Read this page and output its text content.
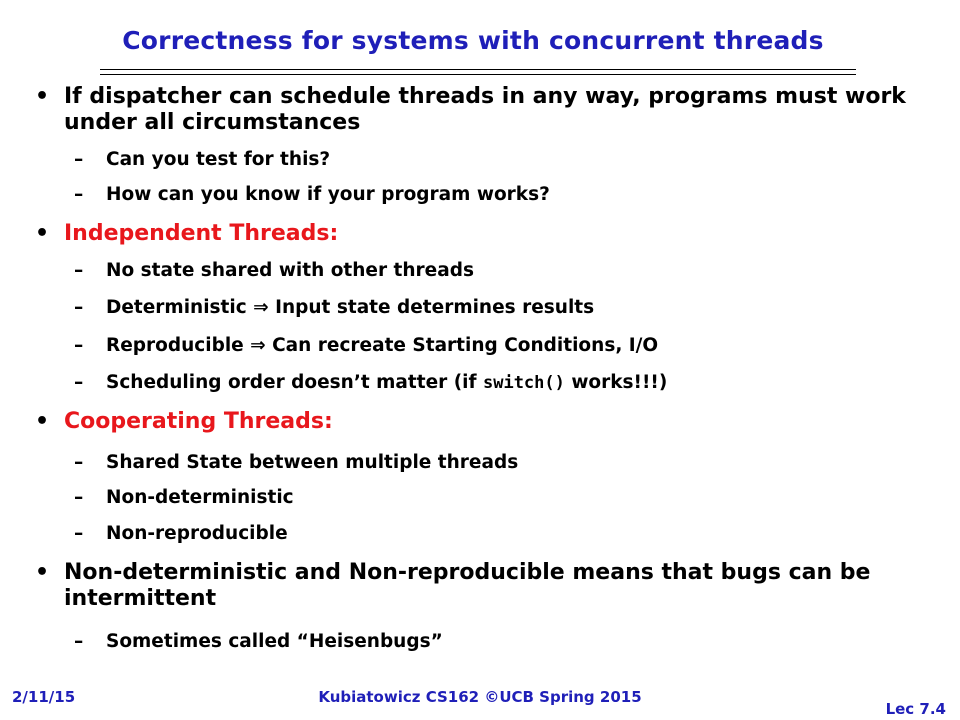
Correctness for systems with concurrent threads
• If dispatcher can schedule threads in any way, programs must work under all circumstances
– Can you test for this?
– How can you know if your program works?
• Independent Threads:
– No state shared with other threads
– Deterministic ⇒ Input state determines results
– Reproducible ⇒ Can recreate Starting Conditions, I/O
– Scheduling order doesn’t matter (if switch() works!!!)
• Cooperating Threads:
– Shared State between multiple threads
– Non-deterministic
– Non-reproducible
• Non-deterministic and Non-reproducible means that bugs can be intermittent
– Sometimes called “Heisenbugs”
2/11/15	Kubiatowicz CS162 ©UCB Spring 2015
Lec 7.4
